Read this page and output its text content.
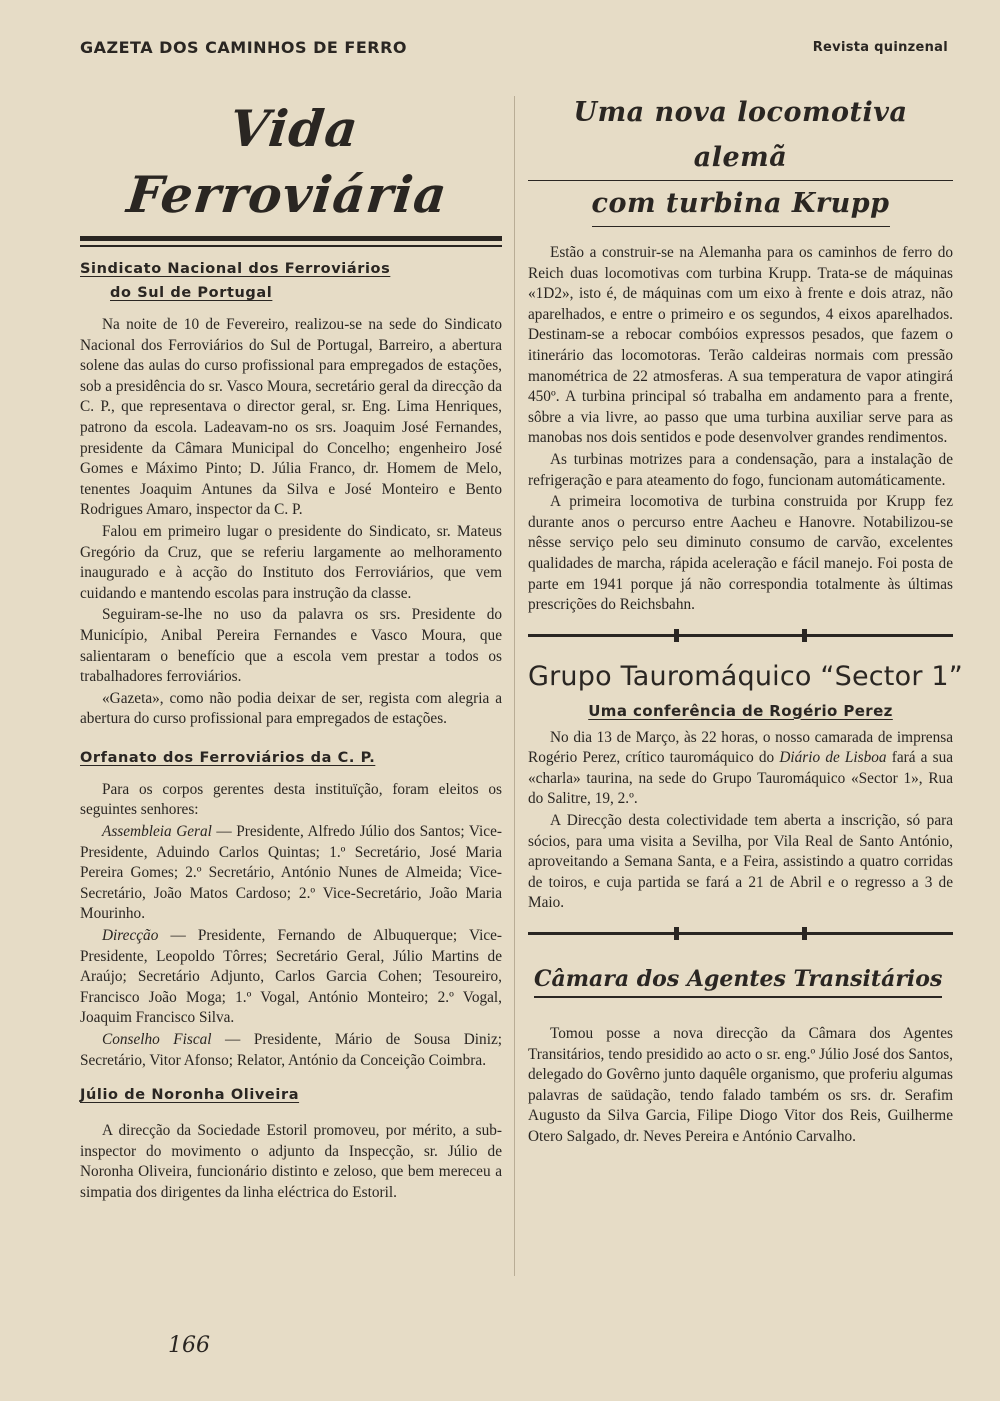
GAZETA DOS CAMINHOS DE FERRO	Revista quinzenal
Vida Ferroviária
Sindicato Nacional dos Ferroviários
do Sul de Portugal

Na noite de 10 de Fevereiro, realizou-se na sede do Sindicato Nacional dos Ferroviários do Sul de Portugal, Barreiro, a abertura solene das aulas do curso profissional para empregados de estações, sob a presidência do sr. Vasco Moura, secretário geral da direcção da C. P., que representava o director geral, sr. Eng. Lima Henriques, patrono da escola. Ladeavam-no os srs. Joaquim José Fernandes, presidente da Câmara Municipal do Concelho; engenheiro José Gomes e Máximo Pinto; D. Júlia Franco, dr. Homem de Melo, tenentes Joaquim Antunes da Silva e José Monteiro e Bento Rodrigues Amaro, inspector da C. P.

Falou em primeiro lugar o presidente do Sindicato, sr. Mateus Gregório da Cruz, que se referiu largamente ao melhoramento inaugurado e à acção do Instituto dos Ferroviários, que vem cuidando e mantendo escolas para instrução da classe.

Seguiram-se-lhe no uso da palavra os srs. Presidente do Município, Anibal Pereira Fernandes e Vasco Moura, que salientaram o benefício que a escola vem prestar a todos os trabalhadores ferroviários.

«Gazeta», como não podia deixar de ser, regista com alegria a abertura do curso profissional para empregados de estações.

Orfanato dos Ferroviários da C. P.

Para os corpos gerentes desta instituïção, foram eleitos os seguintes senhores:

Assembleia Geral — Presidente, Alfredo Júlio dos Santos; Vice-Presidente, Aduindo Carlos Quintas; 1.º Secretário, José Maria Pereira Gomes; 2.º Secretário, António Nunes de Almeida; Vice-Secretário, João Matos Cardoso; 2.º Vice-Secretário, João Maria Mourinho.

Direcção — Presidente, Fernando de Albuquerque; Vice-Presidente, Leopoldo Tôrres; Secretário Geral, Júlio Martins de Araújo; Secretário Adjunto, Carlos Garcia Cohen; Tesoureiro, Francisco João Moga; 1.º Vogal, António Monteiro; 2.º Vogal, Joaquim Francisco Silva.

Conselho Fiscal — Presidente, Mário de Sousa Diniz; Secretário, Vitor Afonso; Relator, António da Conceição Coimbra.

Júlio de Noronha Oliveira

A direcção da Sociedade Estoril promoveu, por mérito, a sub-inspector do movimento o adjunto da Inspecção, sr. Júlio de Noronha Oliveira, funcionário distinto e zeloso, que bem mereceu a simpatia dos dirigentes da linha eléctrica do Estoril.

Uma nova locomotiva alemã
com turbina Krupp

Estão a construir-se na Alemanha para os caminhos de ferro do Reich duas locomotivas com turbina Krupp. Trata-se de máquinas «1D2», isto é, de máquinas com um eixo à frente e dois atraz, não aparelhados, e entre o primeiro e os segundos, 4 eixos aparelhados. Destinam-se a rebocar combóios expressos pesados, que fazem o itinerário das locomotoras. Terão caldeiras normais com pressão manométrica de 22 atmosferas. A sua temperatura de vapor atingirá 450º. A turbina principal só trabalha em andamento para a frente, sôbre a via livre, ao passo que uma turbina auxiliar serve para as manobas nos dois sentidos e pode desenvolver grandes rendimentos.

As turbinas motrizes para a condensação, para a instalação de refrigeração e para ateamento do fogo, funcionam automáticamente.

A primeira locomotiva de turbina construida por Krupp fez durante anos o percurso entre Aacheu e Hanovre. Notabilizou-se nêsse serviço pelo seu diminuto consumo de carvão, excelentes qualidades de marcha, rápida aceleração e fácil manejo. Foi posta de parte em 1941 porque já não correspondia totalmente às últimas prescrições do Reichsbahn.

Grupo Tauromáquico “Sector 1”
Uma conferência de Rogério Perez

No dia 13 de Março, às 22 horas, o nosso camarada de imprensa Rogério Perez, crítico tauromáquico do Diário de Lisboa fará a sua «charla» taurina, na sede do Grupo Tauromáquico «Sector 1», Rua do Salitre, 19, 2.º.

A Direcção desta colectividade tem aberta a inscrição, só para sócios, para uma visita a Sevilha, por Vila Real de Santo António, aproveitando a Semana Santa, e a Feira, assistindo a quatro corridas de toiros, e cuja partida se fará a 21 de Abril e o regresso a 3 de Maio.

Câmara dos Agentes Transitários

Tomou posse a nova direcção da Câmara dos Agentes Transitários, tendo presidido ao acto o sr. eng.º Júlio José dos Santos, delegado do Govêrno junto daquêle organismo, que proferiu algumas palavras de saüdação, tendo falado também os srs. dr. Serafim Augusto da Silva Garcia, Filipe Diogo Vitor dos Reis, Guilherme Otero Salgado, dr. Neves Pereira e António Carvalho.

166
